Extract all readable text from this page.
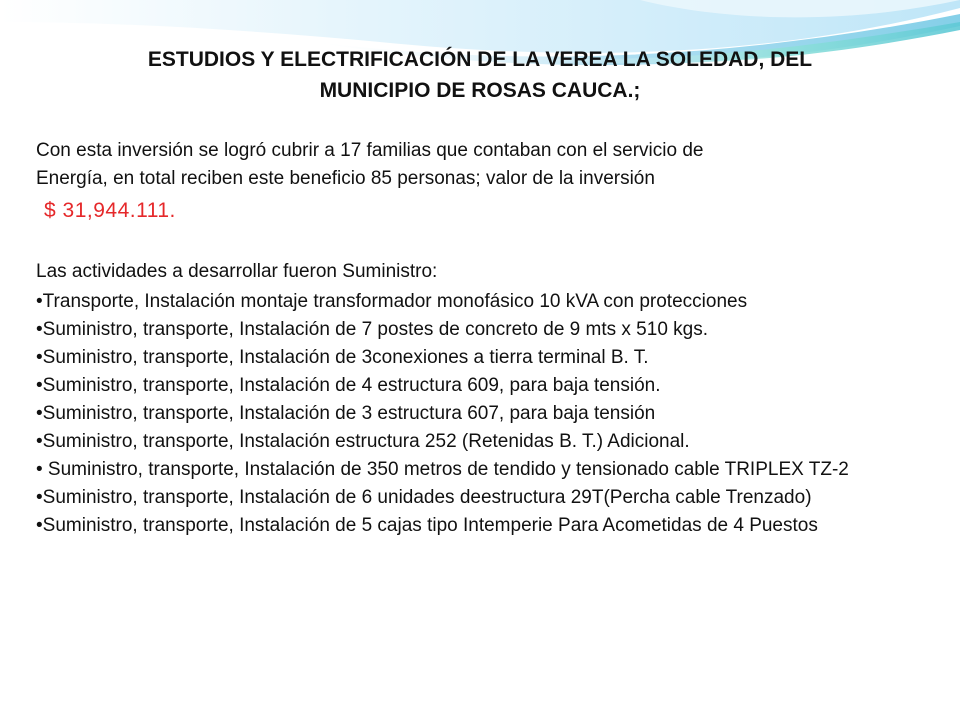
ESTUDIOS Y ELECTRIFICACIÓN DE LA VEREA LA SOLEDAD, DEL
MUNICIPIO DE ROSAS CAUCA.;

Con esta inversión se logró cubrir a 17 familias que contaban con el servicio de

Energía, en total reciben este beneficio 85 personas; valor de la inversión

$ 31,944.111.

Las actividades a desarrollar fueron Suministro:

•Transporte, Instalación montaje transformador monofásico 10 kVA con protecciones
•Suministro, transporte, Instalación de 7 postes de concreto de 9 mts x 510 kgs.
•Suministro, transporte, Instalación de 3conexiones a tierra terminal B. T.
•Suministro, transporte, Instalación de 4 estructura 609, para baja tensión.
•Suministro, transporte, Instalación de 3 estructura 607, para baja tensión
•Suministro, transporte, Instalación estructura 252 (Retenidas B. T.) Adicional.
• Suministro, transporte, Instalación de 350 metros de tendido y tensionado cable TRIPLEX TZ-2
•Suministro, transporte, Instalación de 6 unidades deestructura 29T(Percha cable Trenzado)
•Suministro, transporte, Instalación de 5 cajas tipo Intemperie Para Acometidas de 4 Puestos
